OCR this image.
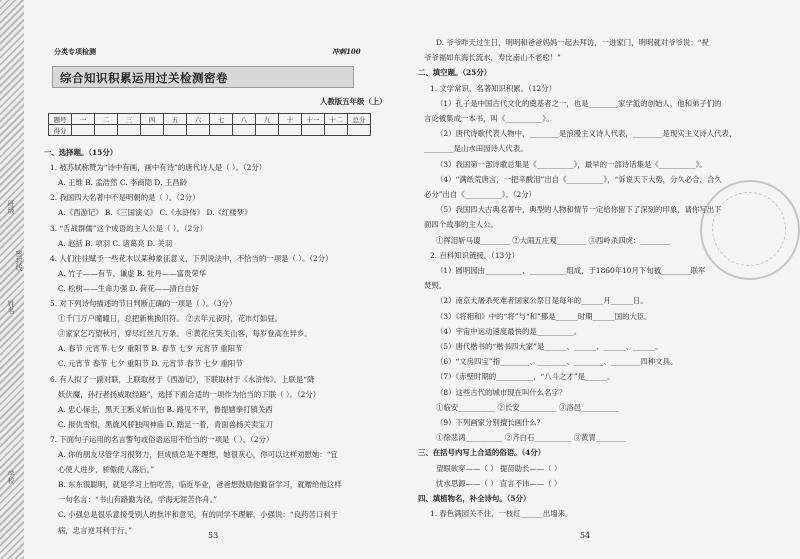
学校
姓名
密封线
班级
分类专项检测	冲刺100
综合知识积累运用过关检测密卷
人教版五年级（上）
题号	一	二	三	四	五	六	七	八	九	十	十一	十二	总分
得分													
一、选择题。（15分）
1. 被苏轼称赞为“诗中有画，画中有诗”的唐代诗人是（ ）。（2分）
A. 王维 B. 孟浩然 C. 李商隐 D. 王昌龄
2. 我国四大名著中不是明朝的是（ ）。（2分）
A.《西游记》 B.《三国演义》 C.《水浒传》 D.《红楼梦》
3. “舌战群儒”这个成语的主人公是（ ）。（2分）
A. 赵括 B. 项羽 C. 诸葛亮 D. 关羽
4. 人们往往赋予一些花木以某种象征意义，下列说法中，不恰当的一项是（ ）。（2分）
A. 竹子——有节、谦虚 B. 牡丹——富贵荣华
C. 松树——生命力强 D. 荷花——清白自好
5. 对下列诗句描述的节日判断正确的一项是（ ）。（3分）
①千门万户曈曈日，总把新桃换旧符。 ②去年元夜时，花市灯如昼。
③家家乞巧望秋月，穿尽红丝几万条。 ④黄花应笑关山客，每岁登高在异乡。
A. 春节 元宵节 七夕 重阳节 B. 春节 七夕 元宵节 重阳节
C. 元宵节 春节 七夕 重阳节 D. 元宵节 春节 七夕 重阳节
6. 有人拟了一副对联，上联取材于《西游记》，下联取材于《水浒传》。上联是“降
妖伏魔，孙行者扬威取经路”，选择下面合适的一项作为恰当的下联（ ）。（2分）
A. 忠心保主，黑天王断义斩山怕 B. 路见不平，鲁提辖拳打镇关西
C. 报仇雪恨，黑旋风骄独闯神庙 D. 踏足一着，青面兽杨关卖宝刀
7. 下面句子运用的名言警句或俗语运用不恰当的一项是（ ）。（2分）
A. 你的朋友尽管学习很努力，但成绩总是不理想，她很灰心，你可以这样劝慰她：“宜
心使人进步，骄傲使人落后。”
B. 东东很聪明，就是学习上怕吃苦，临近毕业，爸爸想鼓励他勤奋学习，就赠给他这样
一句名言：“书山有路勤为径，学海无涯苦作舟。”
C. 小强总是很乐意接受别人的批评和意见，有的同学不理解，小强说：“良药苦口利于
病，忠言逆耳利于行。”
53
D. 爷爷昨天过生日，明明和爸爸妈妈一起去拜访，一进家门，明明就对爷爷说：“祝
爷爷福如东海长流水，寿比南山不老松！”
二、填空题。（25分）
1. 文学常识、名著知识积累。（12分）
（1）孔子是中国古代文化的奠基者之一，也是________家学派的创始人，他和弟子们的
言论被集成一本书，叫《__________》。
（2）唐代诗歌代表人物中，________是浪漫主义诗人代表，________是现实主义诗人代表，
________是山水田园诗人代表。
（3）我国第一部诗歌总集是《__________》，最早的一部诗话集是《__________》。
（4）“满纸荒唐言，一把辛酸泪”出自《__________》，“诉说天下大势，分久必合，合久
必分”出自《__________》。（2分）
（5）我国四大古典名著中，典型的人物和情节一定给你留下了深刻的印象，请你写出下
面四个故事的主人公。
①挥泪斩马谡________ ②大闹五庄观________ ③西岭杀四虎：________
2. 百科知识链接。（13分）
（1）圆明园由__________、__________组成，于1860年10月下旬被________联军
焚毁。
（2）南京大屠杀死难者国家公祭日是每年的______月______日。
（3）《将相和》中的“将”与“和”都是______时期______国的大臣。
（4）宇宙中运动速度最快的是__________。
（5）唐代楷书的“楷书四大家”是______、______、______、______。
（6）“文房四宝”指________、________、________、________四种文具。
（7）《赤壁时期的__________，“八斗之才”是______。
（8）这些古代的城市现在叫什么名字？
①临安__________ ②长安__________ ③洛邑__________
（9）下列画家分别擅长画什么？
①徐悲鸿__________ ②齐白石__________ ③黄胄________
三、在括号内写上合适的俗语。（4分）
望眼欲穿——（ ） 提苗助长——（ ）
忧水思源——（ ） 直言不讳——（ ）
四、填植物名，补全诗句。（5分）
1. 春色满园关不住，一枝红______出墙来。
54
